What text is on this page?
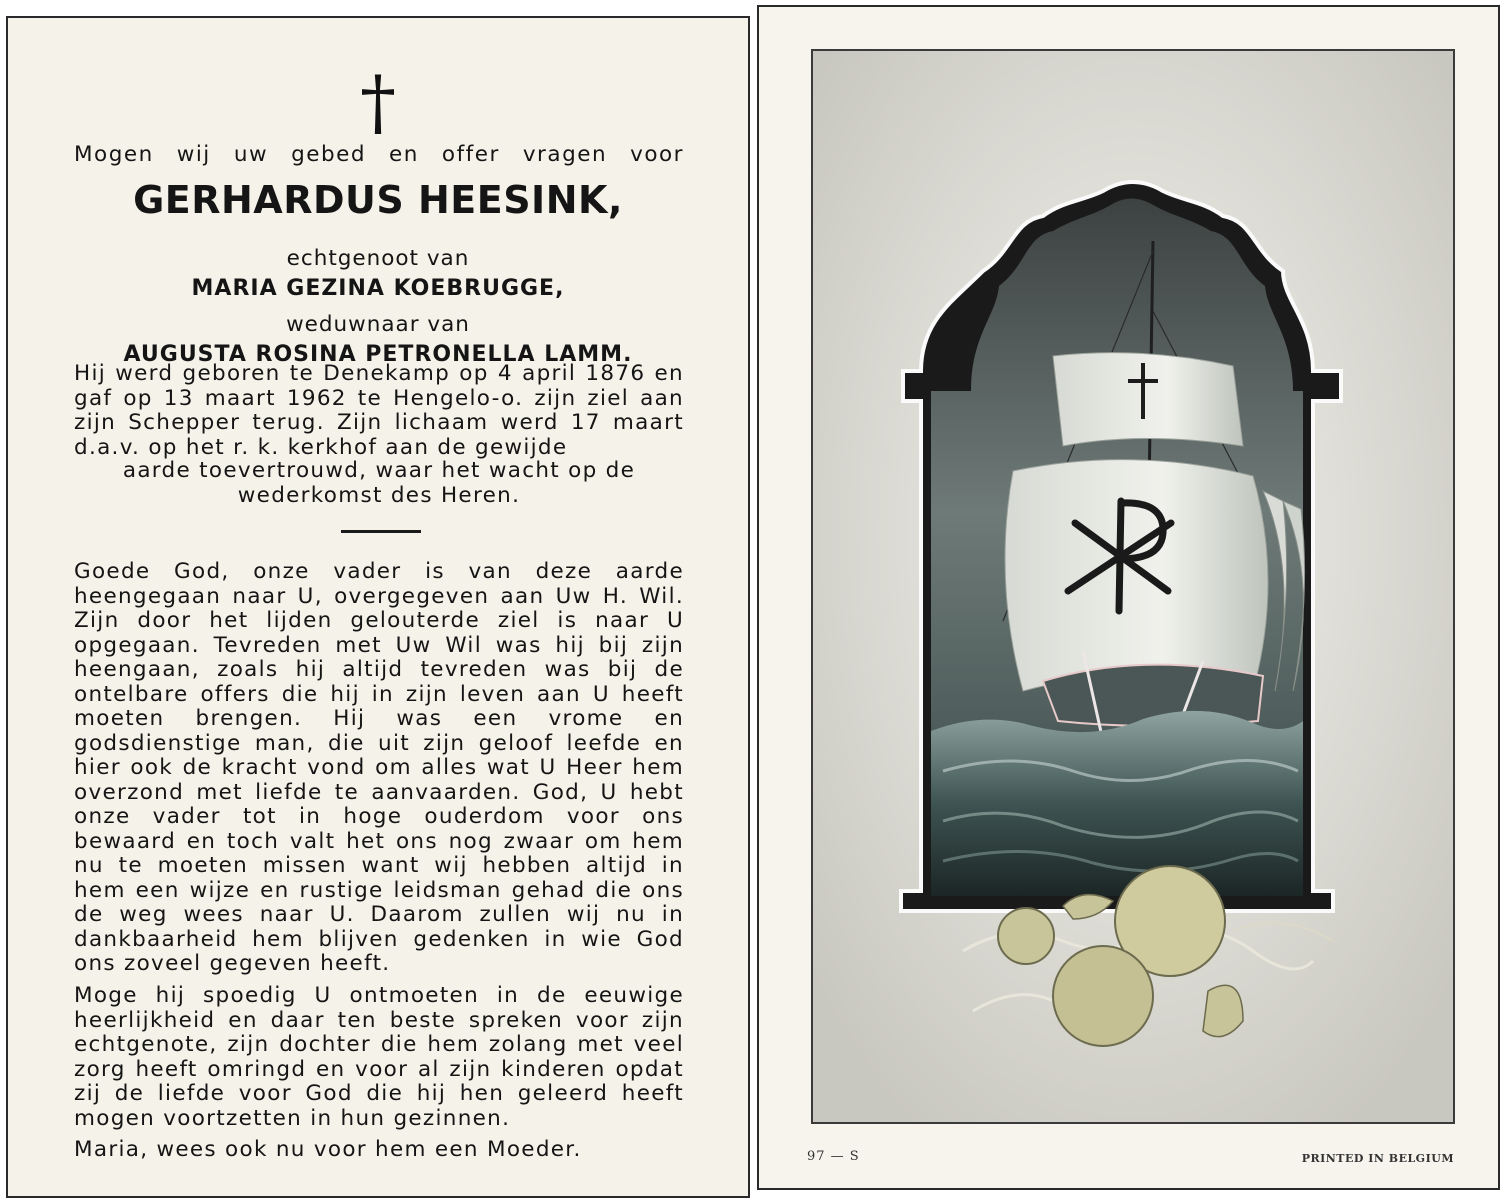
†

Mogen wij uw gebed en offer vragen voor

GERHARDUS HEESINK,

echtgenoot van

MARIA GEZINA KOEBRUGGE,

weduwnaar van

AUGUSTA ROSINA PETRONELLA LAMM.

Hij werd geboren te Denekamp op 4 april 1876 en gaf op 13 maart 1962 te Hengelo-o. zijn ziel aan zijn Schepper terug. Zijn lichaam werd 17 maart d.a.v. op het r. k. kerkhof aan de gewijde

aarde toevertrouwd, waar het wacht op de

wederkomst des Heren.

Goede God, onze vader is van deze aarde heengegaan naar U, overgegeven aan Uw H. Wil. Zijn door het lijden gelouterde ziel is naar U opgegaan. Tevreden met Uw Wil was hij bij zijn heengaan, zoals hij altijd tevreden was bij de ontelbare offers die hij in zijn leven aan U heeft moeten brengen. Hij was een vrome en godsdienstige man, die uit zijn geloof leefde en hier ook de kracht vond om alles wat U Heer hem overzond met liefde te aanvaarden. God, U hebt onze vader tot in hoge ouderdom voor ons bewaard en toch valt het ons nog zwaar om hem nu te moeten missen want wij hebben altijd in hem een wijze en rustige leidsman gehad die ons de weg wees naar U. Daarom zullen wij nu in dankbaarheid hem blijven gedenken in wie God ons zoveel gegeven heeft.

Moge hij spoedig U ontmoeten in de eeuwige heerlijkheid en daar ten beste spreken voor zijn echtgenote, zijn dochter die hem zolang met veel zorg heeft omringd en voor al zijn kinderen opdat zij de liefde voor God die hij hen geleerd heeft mogen voortzetten in hun gezinnen.

Maria, wees ook nu voor hem een Moeder.	97 — S	PRINTED IN BELGIUM
